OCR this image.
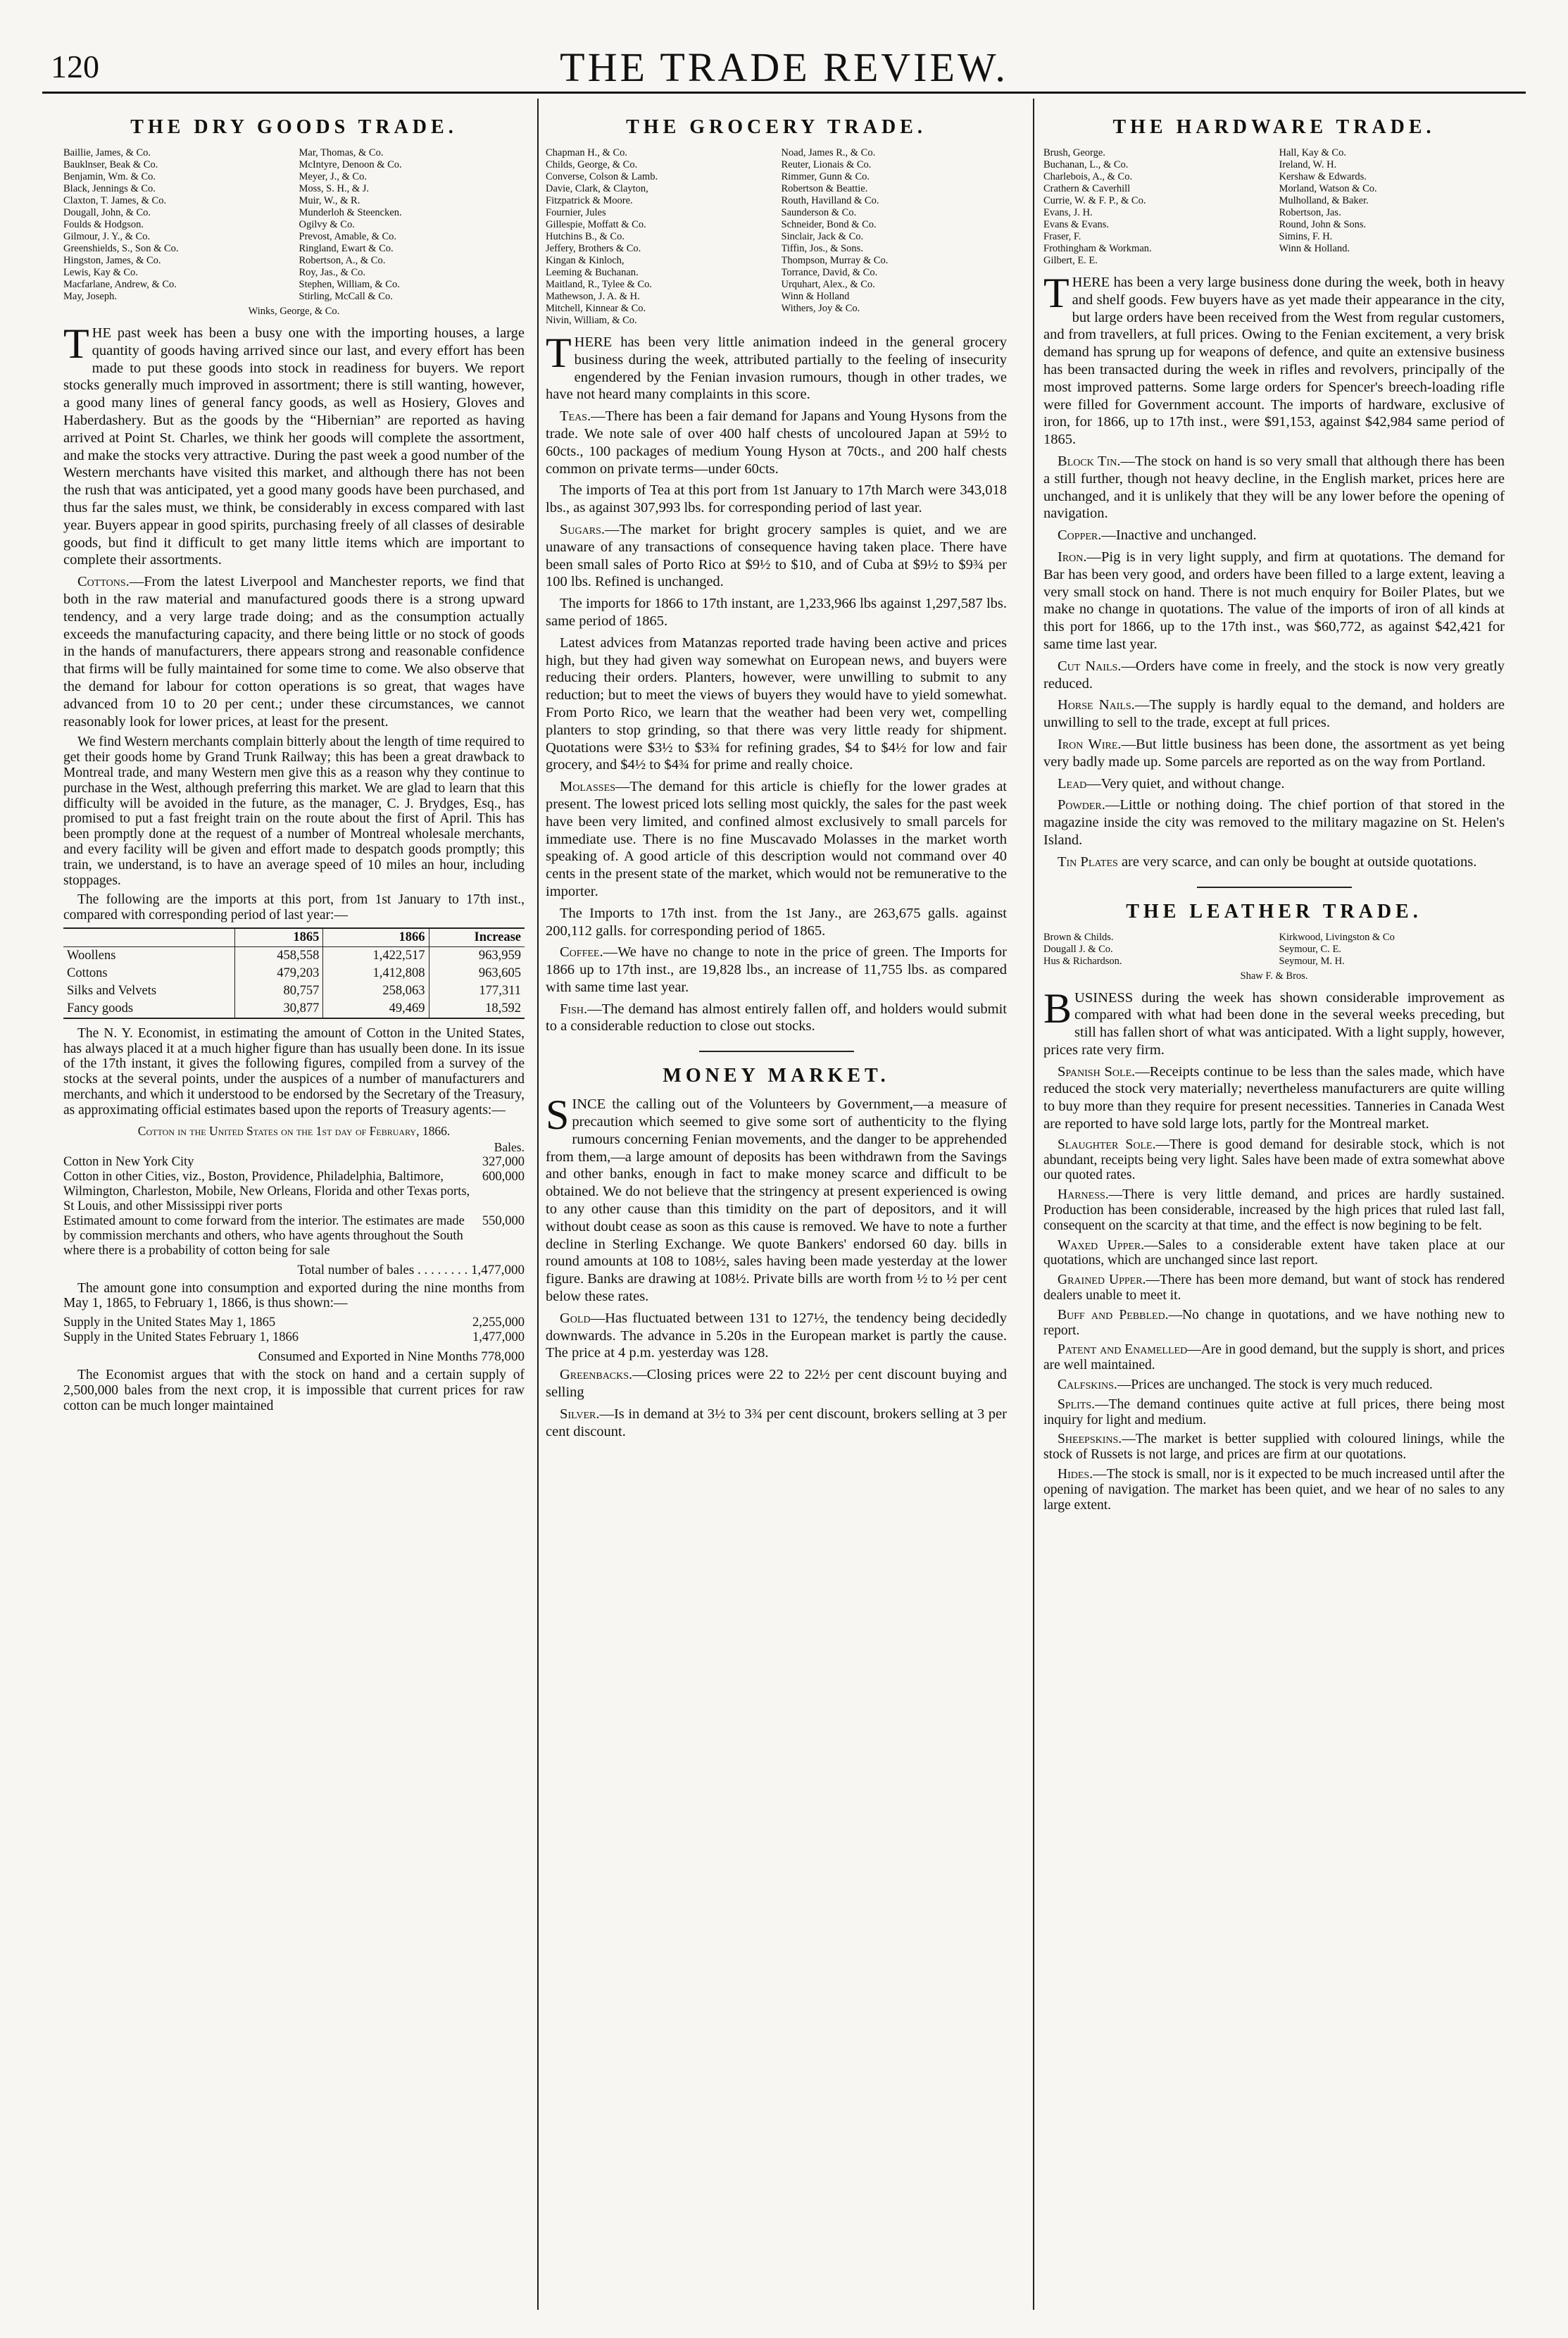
120	THE TRADE REVIEW.
THE DRY GOODS TRADE.
Baillie, James, & Co.
Bauklnser, Beak & Co.
Benjamin, Wm. & Co.
Black, Jennings & Co.
Claxton, T. James, & Co.
Dougall, John, & Co.
Foulds & Hodgson.
Gilmour, J. Y., & Co.
Greenshields, S., Son & Co.
Hingston, James, & Co.
Lewis, Kay & Co.
Macfarlane, Andrew, & Co.
May, Joseph.
Mar, Thomas, & Co.
McIntyre, Denoon & Co.
Meyer, J., & Co.
Moss, S. H., & J.
Muir, W., & R.
Munderloh & Steencken.
Ogilvy & Co.
Prevost, Amable, & Co.
Ringland, Ewart & Co.
Robertson, A., & Co.
Roy, Jas., & Co.
Stephen, William, & Co.
Stirling, McCall & Co.
Winks, George, & Co.

THE past week has been a busy one with the importing houses, a large quantity of goods having arrived since our last, and every effort has been made to put these goods into stock in readiness for buyers. We report stocks generally much improved in assortment; there is still wanting, however, a good many lines of general fancy goods, as well as Hosiery, Gloves and Haberdashery. But as the goods by the “Hibernian” are reported as having arrived at Point St. Charles, we think her goods will complete the assortment, and make the stocks very attractive. During the past week a good number of the Western merchants have visited this market, and although there has not been the rush that was anticipated, yet a good many goods have been purchased, and thus far the sales must, we think, be considerably in excess compared with last year. Buyers appear in good spirits, purchasing freely of all classes of desirable goods, but find it difficult to get many little items which are important to complete their assortments.

Cottons.—From the latest Liverpool and Manchester reports, we find that both in the raw material and manufactured goods there is a strong upward tendency, and a very large trade doing; and as the consumption actually exceeds the manufacturing capacity, and there being little or no stock of goods in the hands of manufacturers, there appears strong and reasonable confidence that firms will be fully maintained for some time to come. We also observe that the demand for labour for cotton operations is so great, that wages have advanced from 10 to 20 per cent.; under these circumstances, we cannot reasonably look for lower prices, at least for the present.

We find Western merchants complain bitterly about the length of time required to get their goods home by Grand Trunk Railway; this has been a great drawback to Montreal trade, and many Western men give this as a reason why they continue to purchase in the West, although preferring this market. We are glad to learn that this difficulty will be avoided in the future, as the manager, C. J. Brydges, Esq., has promised to put a fast freight train on the route about the first of April. This has been promptly done at the request of a number of Montreal wholesale merchants, and every facility will be given and effort made to despatch goods promptly; this train, we understand, is to have an average speed of 10 miles an hour, including stoppages.

The following are the imports at this port, from 1st January to 17th inst., compared with corresponding period of last year:—

	1865	1866	Increase
Woollens	458,558	1,422,517	963,959
Cottons	479,203	1,412,808	963,605
Silks and Velvets	80,757	258,063	177,311
Fancy goods	30,877	49,469	18,592

The N. Y. Economist, in estimating the amount of Cotton in the United States, has always placed it at a much higher figure than has usually been done. In its issue of the 17th instant, it gives the following figures, compiled from a survey of the stocks at the several points, under the auspices of a number of manufacturers and merchants, and which it understood to be endorsed by the Secretary of the Treasury, as approximating official estimates based upon the reports of Treasury agents:—

Cotton in the United States on the 1st day of February, 1866.
Bales.
Cotton in New York City	327,000
Cotton in other Cities, viz., Boston, Providence, Philadelphia, Baltimore, Wilmington, Charleston, Mobile, New Orleans, Florida and other Texas ports, St Louis, and other Mississippi river ports
600,000
Estimated amount to come forward from the interior. The estimates are made by commission merchants and others, who have agents throughout the South where there is a probability of cotton being for sale
550,000
Total number of bales . . . . . . . . 1,477,000

The amount gone into consumption and exported during the nine months from May 1, 1865, to February 1, 1866, is thus shown:—

Supply in the United States May 1, 1865	2,255,000
Supply in the United States February 1, 1866	1,477,000
Consumed and Exported in Nine Months 778,000

The Economist argues that with the stock on hand and a certain supply of 2,500,000 bales from the next crop, it is impossible that current prices for raw cotton can be much longer maintained

THE GROCERY TRADE.
Chapman H., & Co.
Childs, George, & Co.
Converse, Colson & Lamb.
Davie, Clark, & Clayton,
Fitzpatrick & Moore.
Fournier, Jules
Gillespie, Moffatt & Co.
Hutchins B., & Co.
Jeffery, Brothers & Co.
Kingan & Kinloch,
Leeming & Buchanan.
Maitland, R., Tylee & Co.
Mathewson, J. A. & H.
Mitchell, Kinnear & Co.
Nivin, William, & Co.
Noad, James R., & Co.
Reuter, Lionais & Co.
Rimmer, Gunn & Co.
Robertson & Beattie.
Routh, Havilland & Co.
Saunderson & Co.
Schneider, Bond & Co.
Sinclair, Jack & Co.
Tiffin, Jos., & Sons.
Thompson, Murray & Co.
Torrance, David, & Co.
Urquhart, Alex., & Co.
Winn & Holland
Withers, Joy & Co.

THERE has been very little animation indeed in the general grocery business during the week, attributed partially to the feeling of insecurity engendered by the Fenian invasion rumours, though in other trades, we have not heard many complaints in this score.

Teas.—There has been a fair demand for Japans and Young Hysons from the trade. We note sale of over 400 half chests of uncoloured Japan at 59½ to 60cts., 100 packages of medium Young Hyson at 70cts., and 200 half chests common on private terms—under 60cts.

The imports of Tea at this port from 1st January to 17th March were 343,018 lbs., as against 307,993 lbs. for corresponding period of last year.

Sugars.—The market for bright grocery samples is quiet, and we are unaware of any transactions of consequence having taken place. There have been small sales of Porto Rico at $9½ to $10, and of Cuba at $9½ to $9¾ per 100 lbs. Refined is unchanged.

The imports for 1866 to 17th instant, are 1,233,966 lbs against 1,297,587 lbs. same period of 1865.

Latest advices from Matanzas reported trade having been active and prices high, but they had given way somewhat on European news, and buyers were reducing their orders. Planters, however, were unwilling to submit to any reduction; but to meet the views of buyers they would have to yield somewhat. From Porto Rico, we learn that the weather had been very wet, compelling planters to stop grinding, so that there was very little ready for shipment. Quotations were $3½ to $3¾ for refining grades, $4 to $4½ for low and fair grocery, and $4½ to $4¾ for prime and really choice.

Molasses—The demand for this article is chiefly for the lower grades at present. The lowest priced lots selling most quickly, the sales for the past week have been very limited, and confined almost exclusively to small parcels for immediate use. There is no fine Muscavado Molasses in the market worth speaking of. A good article of this description would not command over 40 cents in the present state of the market, which would not be remunerative to the importer.

The Imports to 17th inst. from the 1st Jany., are 263,675 galls. against 200,112 galls. for corresponding period of 1865.

Coffee.—We have no change to note in the price of green. The Imports for 1866 up to 17th inst., are 19,828 lbs., an increase of 11,755 lbs. as compared with same time last year.

Fish.—The demand has almost entirely fallen off, and holders would submit to a considerable reduction to close out stocks.

MONEY MARKET.

SINCE the calling out of the Volunteers by Government,—a measure of precaution which seemed to give some sort of authenticity to the flying rumours concerning Fenian movements, and the danger to be apprehended from them,—a large amount of deposits has been withdrawn from the Savings and other banks, enough in fact to make money scarce and difficult to be obtained. We do not believe that the stringency at present experienced is owing to any other cause than this timidity on the part of depositors, and it will without doubt cease as soon as this cause is removed. We have to note a further decline in Sterling Exchange. We quote Bankers' endorsed 60 day. bills in round amounts at 108 to 108½, sales having been made yesterday at the lower figure. Banks are drawing at 108½. Private bills are worth from ½ to ½ per cent below these rates.

Gold—Has fluctuated between 131 to 127½, the tendency being decidedly downwards. The advance in 5.20s in the European market is partly the cause. The price at 4 p.m. yesterday was 128.

Greenbacks.—Closing prices were 22 to 22½ per cent discount buying and selling

Silver.—Is in demand at 3½ to 3¾ per cent discount, brokers selling at 3 per cent discount.

THE HARDWARE TRADE.
Brush, George.
Buchanan, L., & Co.
Charlebois, A., & Co.
Crathern & Caverhill
Currie, W. & F. P., & Co.
Evans, J. H.
Evans & Evans.
Fraser, F.
Frothingham & Workman.
Gilbert, E. E.
Hall, Kay & Co.
Ireland, W. H.
Kershaw & Edwards.
Morland, Watson & Co.
Mulholland, & Baker.
Robertson, Jas.
Round, John & Sons.
Simins, F. H.
Winn & Holland.

THERE has been a very large business done during the week, both in heavy and shelf goods. Few buyers have as yet made their appearance in the city, but large orders have been received from the West from regular customers, and from travellers, at full prices. Owing to the Fenian excitement, a very brisk demand has sprung up for weapons of defence, and quite an extensive business has been transacted during the week in rifles and revolvers, principally of the most improved patterns. Some large orders for Spencer's breech-loading rifle were filled for Government account. The imports of hardware, exclusive of iron, for 1866, up to 17th inst., were $91,153, against $42,984 same period of 1865.

Block Tin.—The stock on hand is so very small that although there has been a still further, though not heavy decline, in the English market, prices here are unchanged, and it is unlikely that they will be any lower before the opening of navigation.

Copper.—Inactive and unchanged.

Iron.—Pig is in very light supply, and firm at quotations. The demand for Bar has been very good, and orders have been filled to a large extent, leaving a very small stock on hand. There is not much enquiry for Boiler Plates, but we make no change in quotations. The value of the imports of iron of all kinds at this port for 1866, up to the 17th inst., was $60,772, as against $42,421 for same time last year.

Cut Nails.—Orders have come in freely, and the stock is now very greatly reduced.

Horse Nails.—The supply is hardly equal to the demand, and holders are unwilling to sell to the trade, except at full prices.

Iron Wire.—But little business has been done, the assortment as yet being very badly made up. Some parcels are reported as on the way from Portland.

Lead—Very quiet, and without change.

Powder.—Little or nothing doing. The chief portion of that stored in the magazine inside the city was removed to the military magazine on St. Helen's Island.

Tin Plates are very scarce, and can only be bought at outside quotations.

THE LEATHER TRADE.
Brown & Childs.
Dougall J. & Co.
Hus & Richardson.
Kirkwood, Livingston & Co
Seymour, C. E.
Seymour, M. H.
Shaw F. & Bros.

BUSINESS during the week has shown considerable improvement as compared with what had been done in the several weeks preceding, but still has fallen short of what was anticipated. With a light supply, however, prices rate very firm.

Spanish Sole.—Receipts continue to be less than the sales made, which have reduced the stock very materially; nevertheless manufacturers are quite willing to buy more than they require for present necessities. Tanneries in Canada West are reported to have sold large lots, partly for the Montreal market.

Slaughter Sole.—There is good demand for desirable stock, which is not abundant, receipts being very light. Sales have been made of extra somewhat above our quoted rates.

Harness.—There is very little demand, and prices are hardly sustained. Production has been considerable, increased by the high prices that ruled last fall, consequent on the scarcity at that time, and the effect is now begining to be felt.

Waxed Upper.—Sales to a considerable extent have taken place at our quotations, which are unchanged since last report.

Grained Upper.—There has been more demand, but want of stock has rendered dealers unable to meet it.

Buff and Pebbled.—No change in quotations, and we have nothing new to report.

Patent and Enamelled—Are in good demand, but the supply is short, and prices are well maintained.

Calfskins.—Prices are unchanged. The stock is very much reduced.

Splits.—The demand continues quite active at full prices, there being most inquiry for light and medium.

Sheepskins.—The market is better supplied with coloured linings, while the stock of Russets is not large, and prices are firm at our quotations.

Hides.—The stock is small, nor is it expected to be much increased until after the opening of navigation. The market has been quiet, and we hear of no sales to any large extent.
